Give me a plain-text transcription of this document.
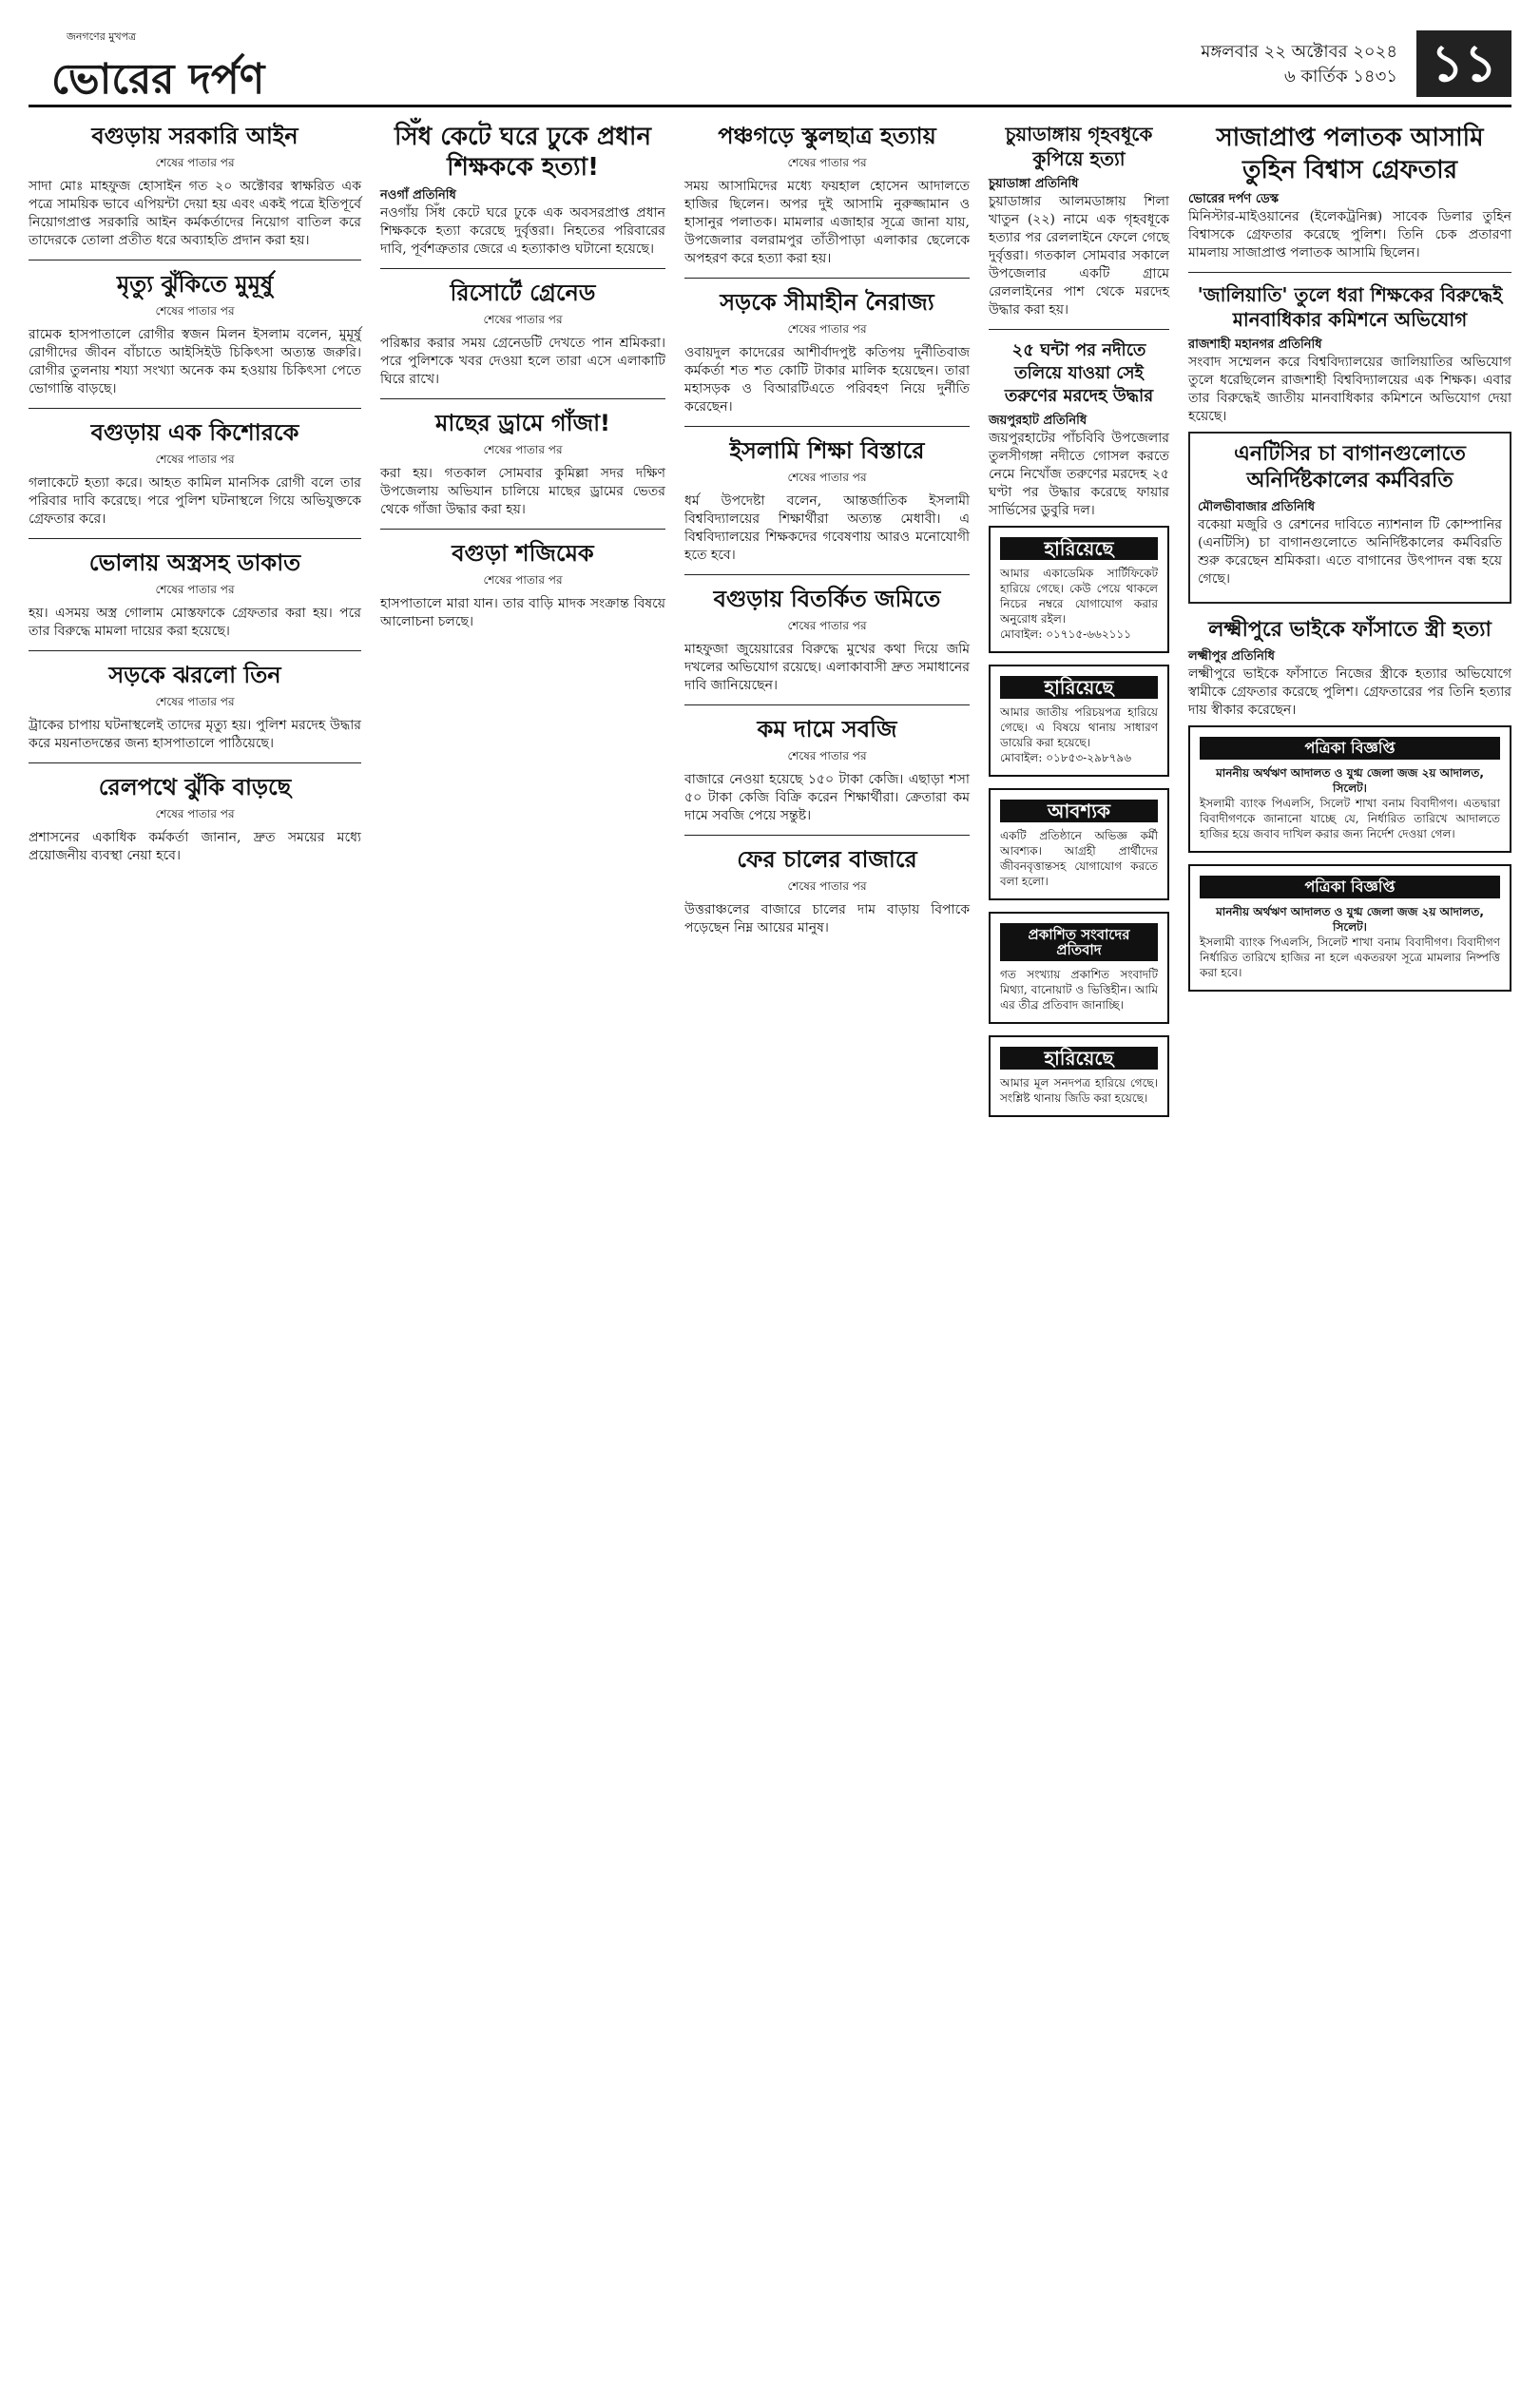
জনগণের মুখপত্র
ভোরের দর্পণ
মঙ্গলবার ২২ অক্টোবর ২০২৪
৬ কার্তিক ১৪৩১ ১১
বগুড়ায় সরকারি আইন
শেষের পাতার পর

সাদা মোঃ মাহফুজ হোসাইন গত ২০ অক্টোবর স্বাক্ষরিত এক পত্রে সাময়িক ভাবে এপিয়ন্টা দেয়া হয় এবং একই পত্রে ইতিপূর্বে নিয়োগপ্রাপ্ত সরকারি আইন কর্মকর্তাদের নিয়োগ বাতিল করে তাদেরকে তোলা প্রতীত ধরে অব্যাহতি প্রদান করা হয়।

মৃত্যু ঝুঁকিতে মুমূর্ষু
শেষের পাতার পর

রামেক হাসপাতালে রোগীর স্বজন মিলন ইসলাম বলেন, মুমূর্ষু রোগীদের জীবন বাঁচাতে আইসিইউ চিকিৎসা অত্যন্ত জরুরি। রোগীর তুলনায় শয্যা সংখ্যা অনেক কম হওয়ায় চিকিৎসা পেতে ভোগান্তি বাড়ছে।

বগুড়ায় এক কিশোরকে
শেষের পাতার পর

গলাকেটে হত্যা করে। আহত কামিল মানসিক রোগী বলে তার পরিবার দাবি করেছে। পরে পুলিশ ঘটনাস্থলে গিয়ে অভিযুক্তকে গ্রেফতার করে।

ভোলায় অস্ত্রসহ ডাকাত
শেষের পাতার পর

হয়। এসময় অস্ত্র গোলাম মোস্তফাকে গ্রেফতার করা হয়। পরে তার বিরুদ্ধে মামলা দায়ের করা হয়েছে।

সড়কে ঝরলো তিন
শেষের পাতার পর

ট্রাকের চাপায় ঘটনাস্থলেই তাদের মৃত্যু হয়। পুলিশ মরদেহ উদ্ধার করে ময়নাতদন্তের জন্য হাসপাতালে পাঠিয়েছে।

রেলপথে ঝুঁকি বাড়ছে
শেষের পাতার পর

প্রশাসনের একাধিক কর্মকর্তা জানান, দ্রুত সময়ের মধ্যে প্রয়োজনীয় ব্যবস্থা নেয়া হবে।

সিঁধ কেটে ঘরে ঢুকে প্রধান শিক্ষককে হত্যা!
নওগাঁ প্রতিনিধি

নওগাঁয় সিঁধ কেটে ঘরে ঢুকে এক অবসরপ্রাপ্ত প্রধান শিক্ষককে হত্যা করেছে দুর্বৃত্তরা। নিহতের পরিবারের দাবি, পূর্বশত্রুতার জেরে এ হত্যাকাণ্ড ঘটানো হয়েছে।

রিসোর্টে গ্রেনেড
শেষের পাতার পর

পরিষ্কার করার সময় গ্রেনেডটি দেখতে পান শ্রমিকরা। পরে পুলিশকে খবর দেওয়া হলে তারা এসে এলাকাটি ঘিরে রাখে।

মাছের ড্রামে গাঁজা!
শেষের পাতার পর

করা হয়। গতকাল সোমবার কুমিল্লা সদর দক্ষিণ উপজেলায় অভিযান চালিয়ে মাছের ড্রামের ভেতর থেকে গাঁজা উদ্ধার করা হয়।

বগুড়া শজিমেক
শেষের পাতার পর

হাসপাতালে মারা যান। তার বাড়ি মাদক সংক্রান্ত বিষয়ে আলোচনা চলছে।

পঞ্চগড়ে স্কুলছাত্র হত্যায়
শেষের পাতার পর

সময় আসামিদের মধ্যে ফয়হাল হোসেন আদালতে হাজির ছিলেন। অপর দুই আসামি নুরুজ্জামান ও হাসানুর পলাতক। মামলার এজাহার সূত্রে জানা যায়, উপজেলার বলরামপুর তাঁতীপাড়া এলাকার ছেলেকে অপহরণ করে হত্যা করা হয়।

সড়কে সীমাহীন নৈরাজ্য
শেষের পাতার পর

ওবায়দুল কাদেরের আশীর্বাদপুষ্ট কতিপয় দুর্নীতিবাজ কর্মকর্তা শত শত কোটি টাকার মালিক হয়েছেন। তারা মহাসড়ক ও বিআরটিএতে পরিবহণ নিয়ে দুর্নীতি করেছেন।

ইসলামি শিক্ষা বিস্তারে
শেষের পাতার পর

ধর্ম উপদেষ্টা বলেন, আন্তর্জাতিক ইসলামী বিশ্ববিদ্যালয়ের শিক্ষার্থীরা অত্যন্ত মেধাবী। এ বিশ্ববিদ্যালয়ের শিক্ষকদের গবেষণায় আরও মনোযোগী হতে হবে।

বগুড়ায় বিতর্কিত জমিতে
শেষের পাতার পর

মাহফুজা জুয়েয়ারের বিরুদ্ধে মুখের কথা দিয়ে জমি দখলের অভিযোগ রয়েছে। এলাকাবাসী দ্রুত সমাধানের দাবি জানিয়েছেন।

কম দামে সবজি
শেষের পাতার পর

বাজারে নেওয়া হয়েছে ১৫০ টাকা কেজি। এছাড়া শসা ৫০ টাকা কেজি বিক্রি করেন শিক্ষার্থীরা। ক্রেতারা কম দামে সবজি পেয়ে সন্তুষ্ট।

ফের চালের বাজারে
শেষের পাতার পর

উত্তরাঞ্চলের বাজারে চালের দাম বাড়ায় বিপাকে পড়েছেন নিম্ন আয়ের মানুষ।

চুয়াডাঙ্গায় গৃহবধূকে কুপিয়ে হত্যা
চুয়াডাঙ্গা প্রতিনিধি

চুয়াডাঙ্গার আলমডাঙ্গায় শিলা খাতুন (২২) নামে এক গৃহবধূকে হত্যার পর রেললাইনে ফেলে গেছে দুর্বৃত্তরা। গতকাল সোমবার সকালে উপজেলার একটি গ্রামে রেললাইনের পাশ থেকে মরদেহ উদ্ধার করা হয়।

২৫ ঘন্টা পর নদীতে তলিয়ে যাওয়া সেই তরুণের মরদেহ উদ্ধার
জয়পুরহাট প্রতিনিধি

জয়পুরহাটের পাঁচবিবি উপজেলার তুলসীগঙ্গা নদীতে গোসল করতে নেমে নিখোঁজ তরুণের মরদেহ ২৫ ঘণ্টা পর উদ্ধার করেছে ফায়ার সার্ভিসের ডুবুরি দল।

হারিয়েছে
আমার একাডেমিক সার্টিফিকেট হারিয়ে গেছে। কেউ পেয়ে থাকলে নিচের নম্বরে যোগাযোগ করার অনুরোধ রইল।
মোবাইল: ০১৭১৫-৬৬২১১১
হারিয়েছে
আমার জাতীয় পরিচয়পত্র হারিয়ে গেছে। এ বিষয়ে থানায় সাধারণ ডায়েরি করা হয়েছে।
মোবাইল: ০১৮৫৩-২৯৮৭৯৬
আবশ্যক
একটি প্রতিষ্ঠানে অভিজ্ঞ কর্মী আবশ্যক। আগ্রহী প্রার্থীদের জীবনবৃত্তান্তসহ যোগাযোগ করতে বলা হলো।
প্রকাশিত সংবাদের প্রতিবাদ
গত সংখ্যায় প্রকাশিত সংবাদটি মিথ্যা, বানোয়াট ও ভিত্তিহীন। আমি এর তীব্র প্রতিবাদ জানাচ্ছি।
হারিয়েছে
আমার মূল সনদপত্র হারিয়ে গেছে। সংশ্লিষ্ট থানায় জিডি করা হয়েছে।
সাজাপ্রাপ্ত পলাতক আসামি তুহিন বিশ্বাস গ্রেফতার
ভোরের দর্পণ ডেস্ক

মিনিস্টার-মাইওয়ানের (ইলেকট্রনিক্স) সাবেক ডিলার তুহিন বিশ্বাসকে গ্রেফতার করেছে পুলিশ। তিনি চেক প্রতারণা মামলায় সাজাপ্রাপ্ত পলাতক আসামি ছিলেন।

'জালিয়াতি' তুলে ধরা শিক্ষকের বিরুদ্ধেই মানবাধিকার কমিশনে অভিযোগ
রাজশাহী মহানগর প্রতিনিধি

সংবাদ সম্মেলন করে বিশ্ববিদ্যালয়ের জালিয়াতির অভিযোগ তুলে ধরেছিলেন রাজশাহী বিশ্ববিদ্যালয়ের এক শিক্ষক। এবার তার বিরুদ্ধেই জাতীয় মানবাধিকার কমিশনে অভিযোগ দেয়া হয়েছে।

এনটিসির চা বাগানগুলোতে অনির্দিষ্টকালের কর্মবিরতি
মৌলভীবাজার প্রতিনিধি

বকেয়া মজুরি ও রেশনের দাবিতে ন্যাশনাল টি কোম্পানির (এনটিসি) চা বাগানগুলোতে অনির্দিষ্টকালের কর্মবিরতি শুরু করেছেন শ্রমিকরা। এতে বাগানের উৎপাদন বন্ধ হয়ে গেছে।

লক্ষ্মীপুরে ভাইকে ফাঁসাতে স্ত্রী হত্যা
লক্ষ্মীপুর প্রতিনিধি

লক্ষ্মীপুরে ভাইকে ফাঁসাতে নিজের স্ত্রীকে হত্যার অভিযোগে স্বামীকে গ্রেফতার করেছে পুলিশ। গ্রেফতারের পর তিনি হত্যার দায় স্বীকার করেছেন।

পত্রিকা বিজ্ঞপ্তি
মাননীয় অর্থঋণ আদালত ও যুগ্ম জেলা জজ ২য় আদালত, সিলেট।
ইসলামী ব্যাংক পিএলসি, সিলেট শাখা বনাম বিবাদীগণ। এতদ্বারা বিবাদীগণকে জানানো যাচ্ছে যে, নির্ধারিত তারিখে আদালতে হাজির হয়ে জবাব দাখিল করার জন্য নির্দেশ দেওয়া গেল।
পত্রিকা বিজ্ঞপ্তি
মাননীয় অর্থঋণ আদালত ও যুগ্ম জেলা জজ ২য় আদালত, সিলেট।
ইসলামী ব্যাংক পিএলসি, সিলেট শাখা বনাম বিবাদীগণ। বিবাদীগণ নির্ধারিত তারিখে হাজির না হলে একতরফা সূত্রে মামলার নিষ্পত্তি করা হবে।
